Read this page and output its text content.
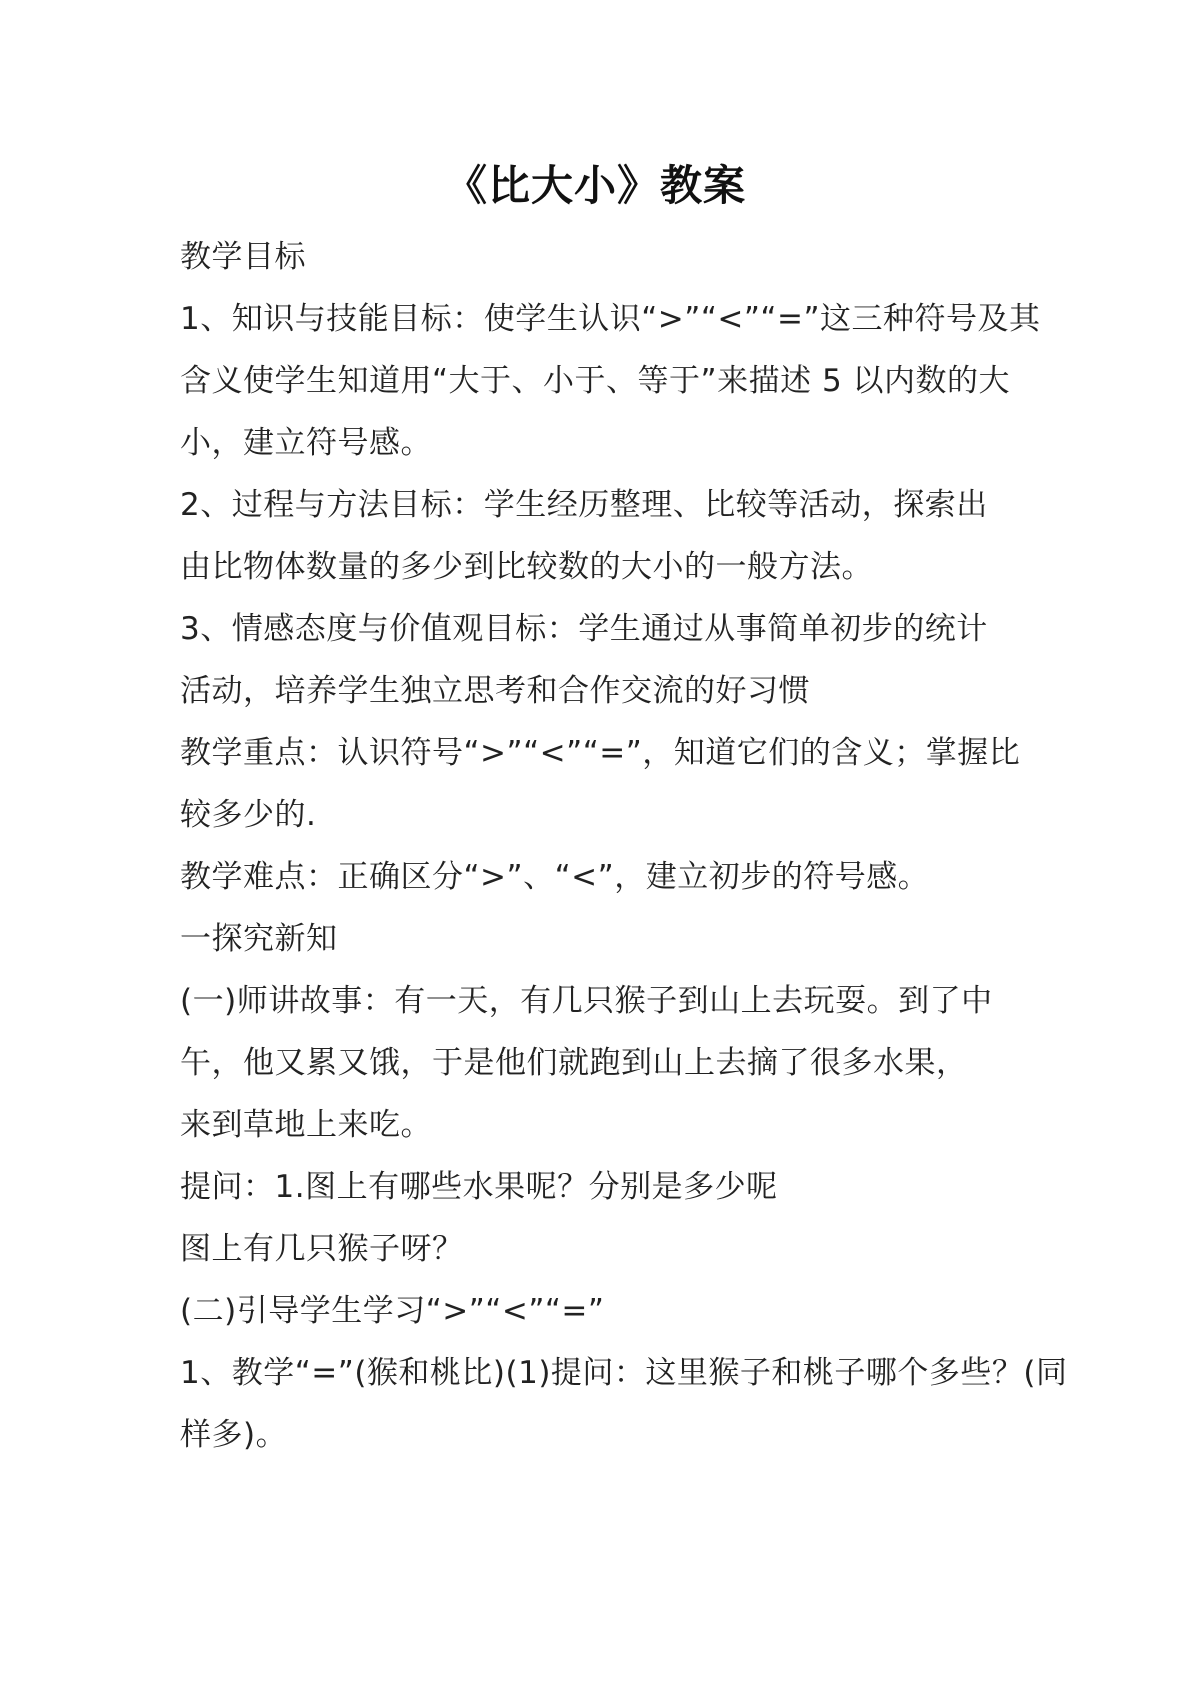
《比大小》教案
教学目标
1、知识与技能目标：使学生认识“>”“<”“=”这三种符号及其
含义使学生知道用“大于、小于、等于”来描述 5 以内数的大
小，建立符号感。
2、过程与方法目标：学生经历整理、比较等活动，探索出
由比物体数量的多少到比较数的大小的一般方法。
3、情感态度与价值观目标：学生通过从事简单初步的统计
活动，培养学生独立思考和合作交流的好习惯
教学重点：认识符号“>”“<”“=”，知道它们的含义；掌握比
较多少的.
教学难点：正确区分“>”、“<”，建立初步的符号感。
一探究新知
(一)师讲故事：有一天，有几只猴子到山上去玩耍。到了中
午，他又累又饿，于是他们就跑到山上去摘了很多水果，
来到草地上来吃。
提问：1.图上有哪些水果呢？分别是多少呢
图上有几只猴子呀？
(二)引导学生学习“>”“<”“=”
1、教学“=”(猴和桃比)(1)提问：这里猴子和桃子哪个多些？(同
样多)。
